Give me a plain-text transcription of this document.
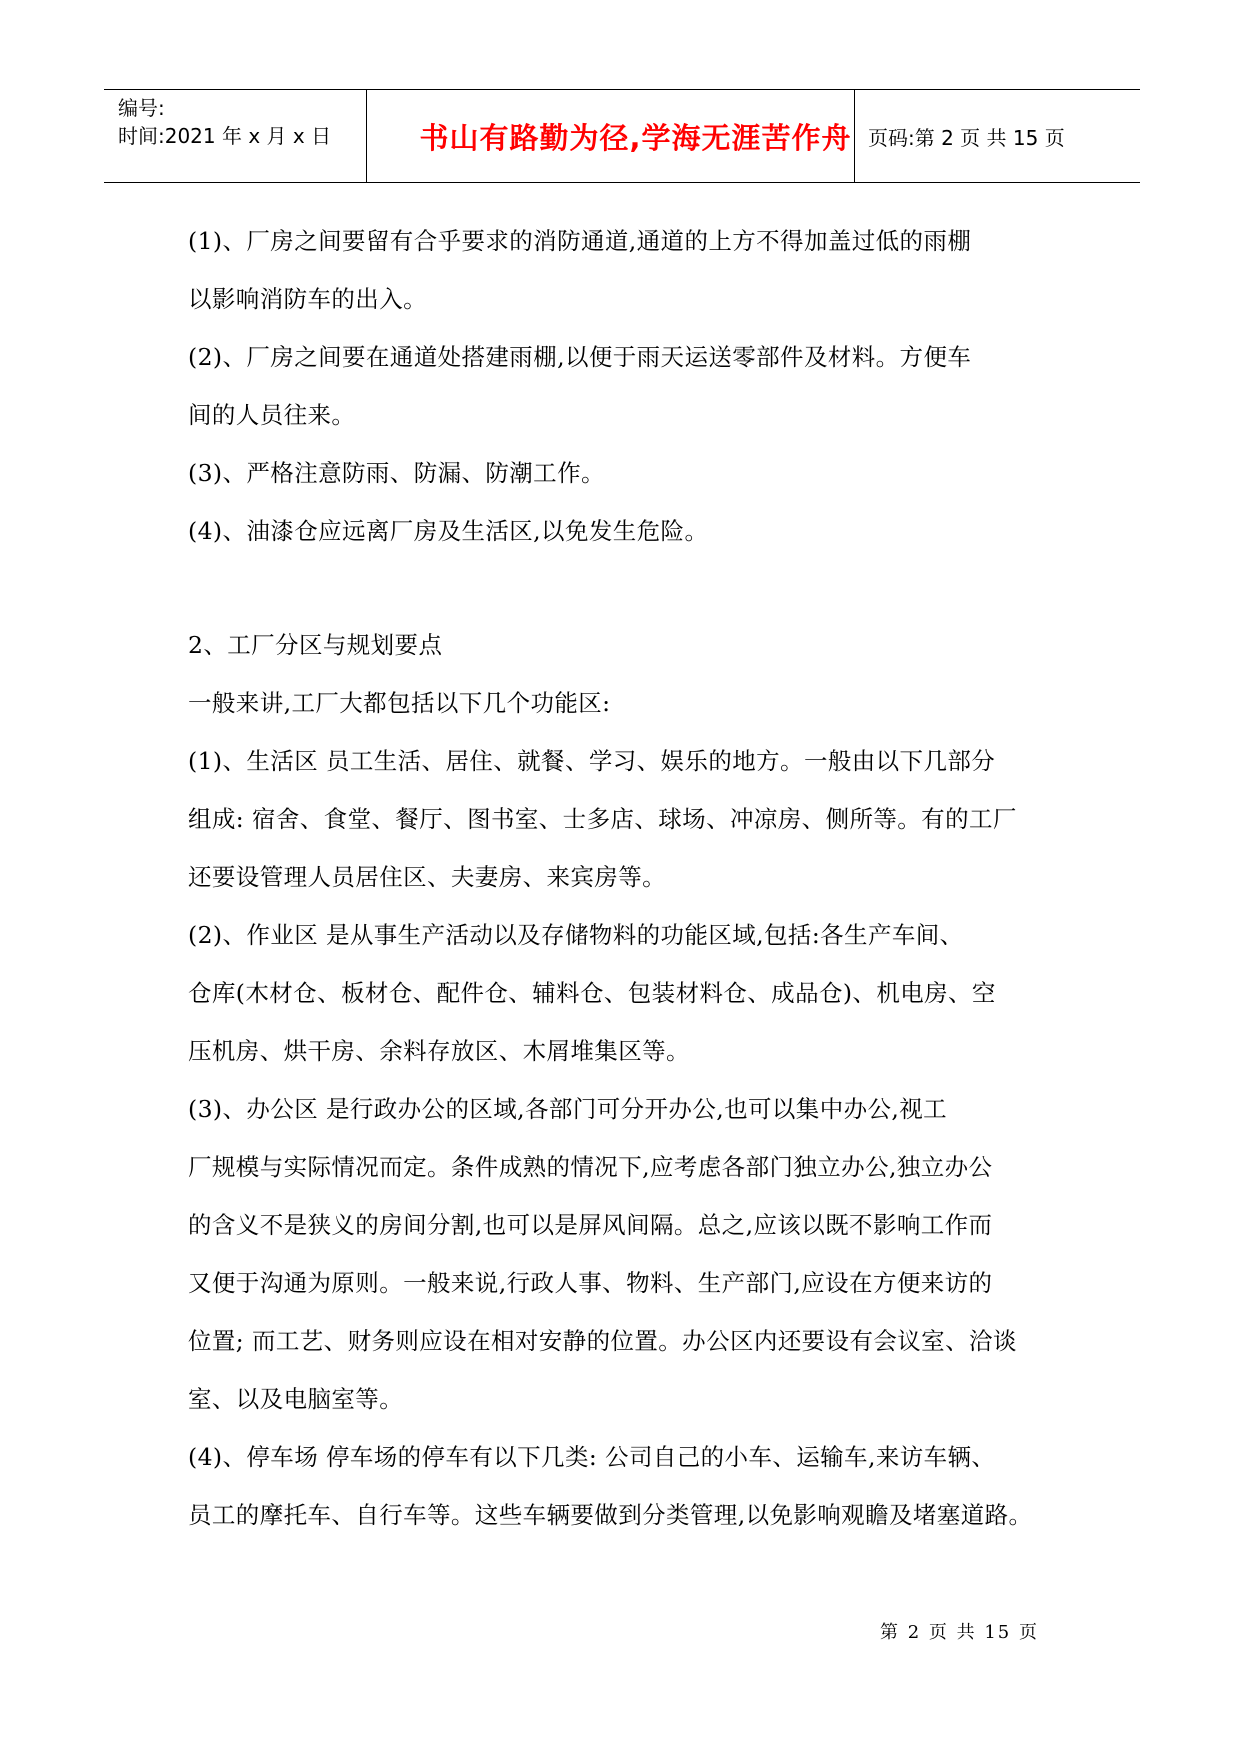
编号:
时间:2021 年 x 月 x 日	书山有路勤为径,学海无涯苦作舟 页码:第 2 页 共 15 页

(1)、厂房之间要留有合乎要求的消防通道,通道的上方不得加盖过低的雨棚

以影响消防车的出入。

(2)、厂房之间要在通道处搭建雨棚,以便于雨天运送零部件及材料。方便车

间的人员往来。

(3)、严格注意防雨、防漏、防潮工作。

(4)、油漆仓应远离厂房及生活区,以免发生危险。

2、工厂分区与规划要点

一般来讲,工厂大都包括以下几个功能区:

(1)、生活区 员工生活、居住、就餐、学习、娱乐的地方。一般由以下几部分

组成: 宿舍、食堂、餐厅、图书室、士多店、球场、冲凉房、侧所等。有的工厂

还要设管理人员居住区、夫妻房、来宾房等。

(2)、作业区 是从事生产活动以及存储物料的功能区域,包括:各生产车间、

仓库(木材仓、板材仓、配件仓、辅料仓、包装材料仓、成品仓)、机电房、空

压机房、烘干房、余料存放区、木屑堆集区等。

(3)、办公区 是行政办公的区域,各部门可分开办公,也可以集中办公,视工

厂规模与实际情况而定。条件成熟的情况下,应考虑各部门独立办公,独立办公

的含义不是狭义的房间分割,也可以是屏风间隔。总之,应该以既不影响工作而

又便于沟通为原则。一般来说,行政人事、物料、生产部门,应设在方便来访的

位置; 而工艺、财务则应设在相对安静的位置。办公区内还要设有会议室、洽谈

室、以及电脑室等。

(4)、停车场 停车场的停车有以下几类: 公司自己的小车、运输车,来访车辆、

员工的摩托车、自行车等。这些车辆要做到分类管理,以免影响观瞻及堵塞道路。

第 2 页 共 15 页
